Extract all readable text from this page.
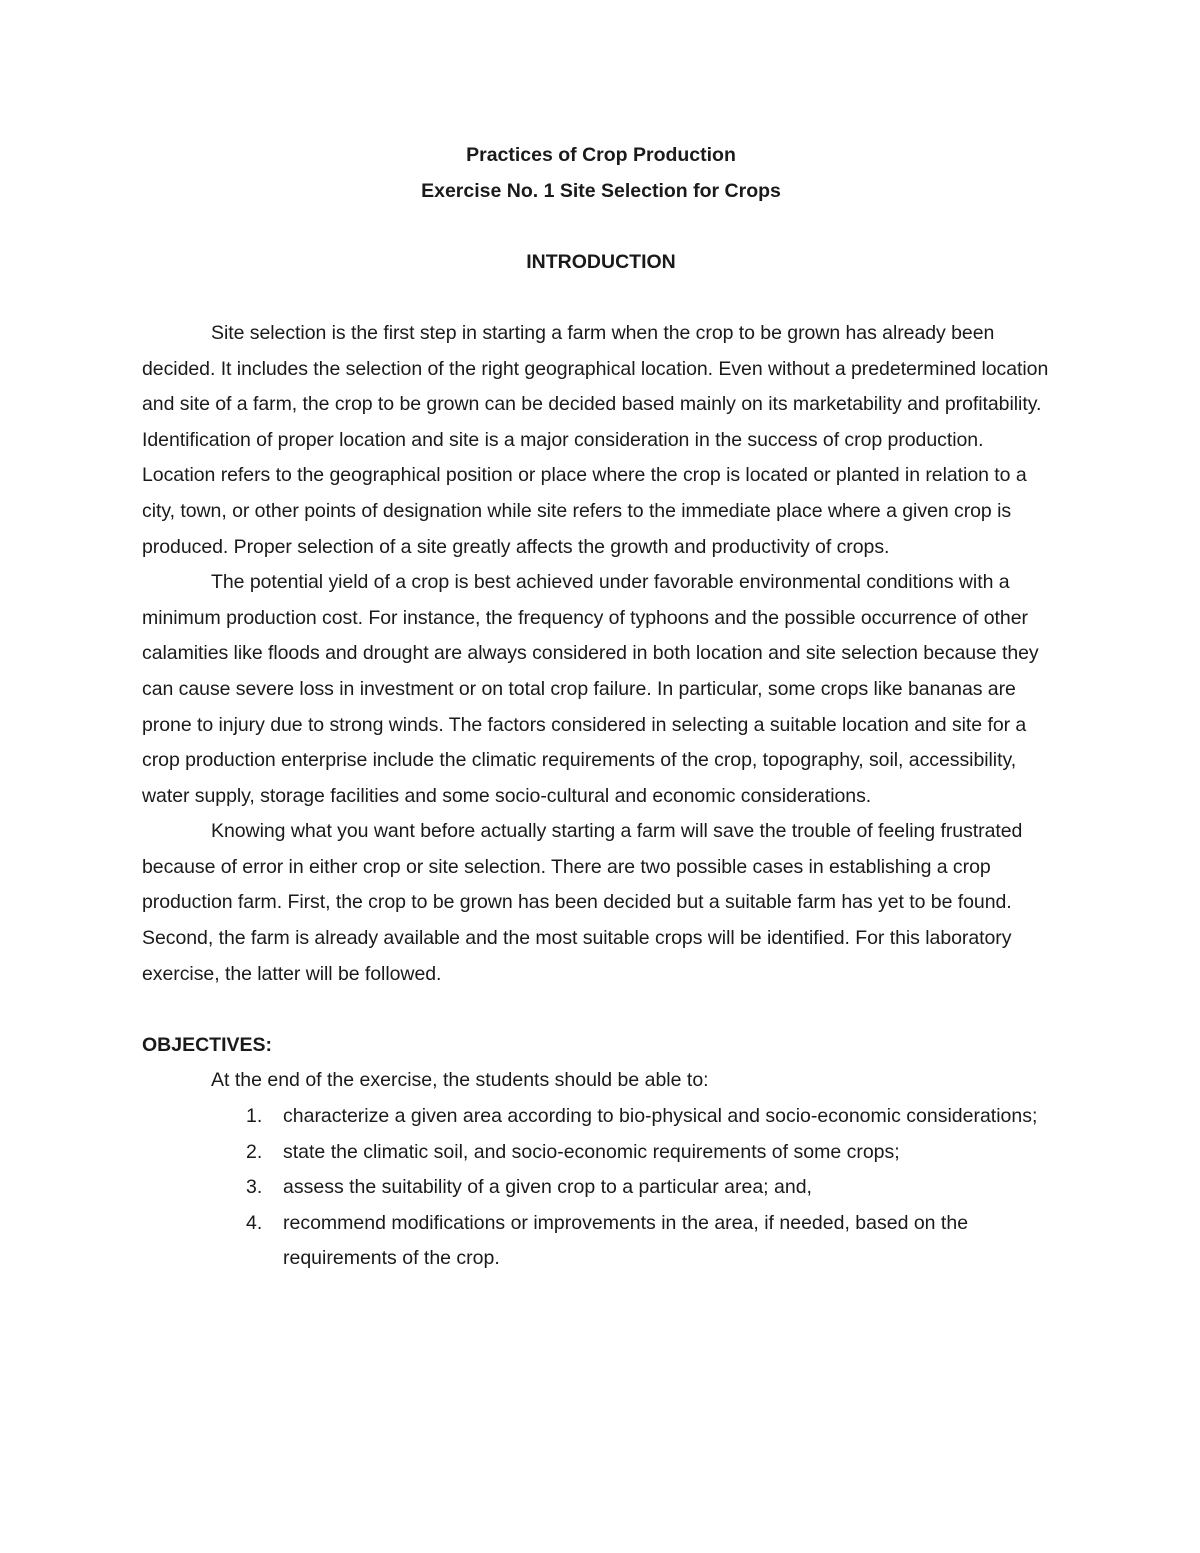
Practices of Crop Production

Exercise No. 1 Site Selection for Crops

INTRODUCTION

Site selection is the first step in starting a farm when the crop to be grown has already been decided. It includes the selection of the right geographical location. Even without a predetermined location and site of a farm, the crop to be grown can be decided based mainly on its marketability and profitability. Identification of proper location and site is a major consideration in the success of crop production. Location refers to the geographical position or place where the crop is located or planted in relation to a city, town, or other points of designation while site refers to the immediate place where a given crop is produced. Proper selection of a site greatly affects the growth and productivity of crops.

The potential yield of a crop is best achieved under favorable environmental conditions with a minimum production cost. For instance, the frequency of typhoons and the possible occurrence of other calamities like floods and drought are always considered in both location and site selection because they can cause severe loss in investment or on total crop failure. In particular, some crops like bananas are prone to injury due to strong winds. The factors considered in selecting a suitable location and site for a crop production enterprise include the climatic requirements of the crop, topography, soil, accessibility, water supply, storage facilities and some socio-cultural and economic considerations.

Knowing what you want before actually starting a farm will save the trouble of feeling frustrated because of error in either crop or site selection. There are two possible cases in establishing a crop production farm. First, the crop to be grown has been decided but a suitable farm has yet to be found. Second, the farm is already available and the most suitable crops will be identified. For this laboratory exercise, the latter will be followed.

OBJECTIVES:

At the end of the exercise, the students should be able to:

1. characterize a given area according to bio-physical and socio-economic considerations;
2. state the climatic soil, and socio-economic requirements of some crops;
3. assess the suitability of a given crop to a particular area; and,
4. recommend modifications or improvements in the area, if needed, based on the requirements of the crop.
